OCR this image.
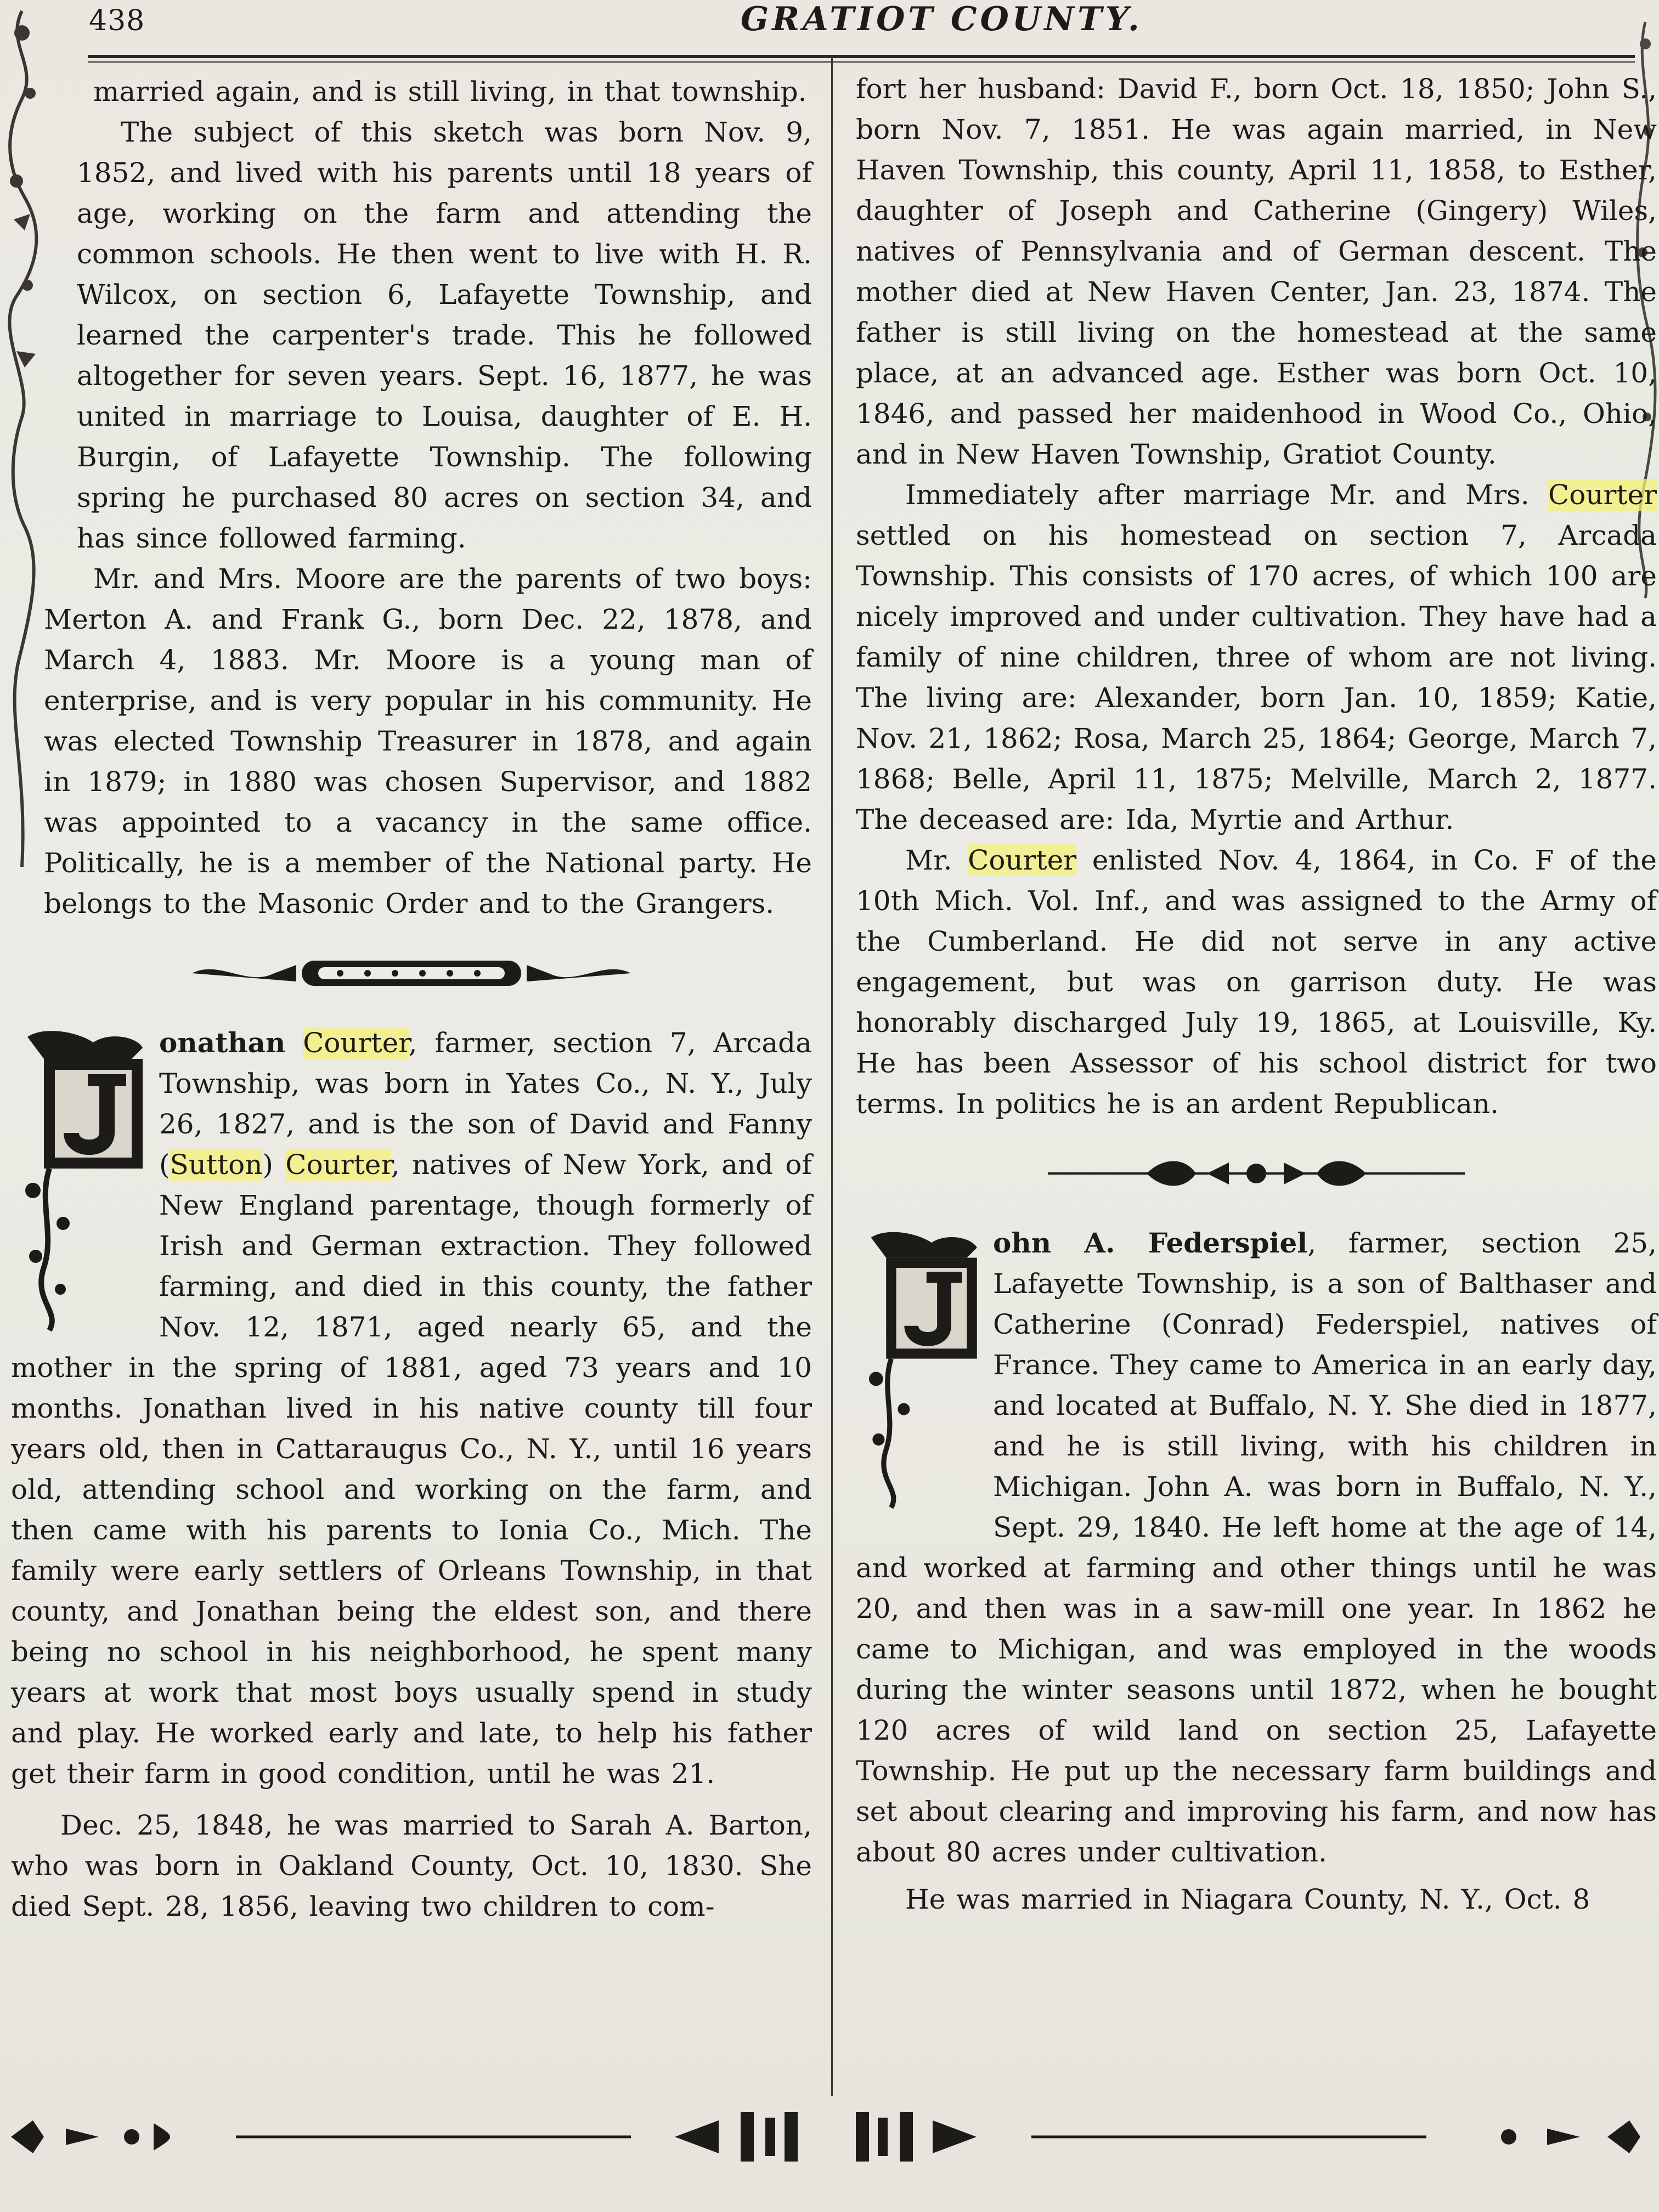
438	GRATIOT COUNTY.

married again, and is still living, in that township.

The subject of this sketch was born Nov. 9, 1852, and lived with his parents until 18 years of age, working on the farm and attending the common schools. He then went to live with H. R. Wilcox, on section 6, Lafayette Township, and learned the carpenter's trade. This he followed altogether for seven years. Sept. 16, 1877, he was united in marriage to Louisa, daughter of E. H. Burgin, of Lafayette Township. The following spring he purchased 80 acres on section 34, and has since followed farming.

Mr. and Mrs. Moore are the parents of two boys: Merton A. and Frank G., born Dec. 22, 1878, and March 4, 1883. Mr. Moore is a young man of enterprise, and is very popular in his community. He was elected Township Treasurer in 1878, and again in 1879; in 1880 was chosen Supervisor, and 1882 was appointed to a vacancy in the same office. Politically, he is a member of the National party. He belongs to the Masonic Order and to the Grangers.

onathan Courter, farmer, section 7, Arcada Township, was born in Yates Co., N. Y., July 26, 1827, and is the son of David and Fanny (Sutton) Courter, natives of New York, and of New England parentage, though formerly of Irish and German extraction. They followed farming, and died in this county, the father Nov. 12, 1871, aged nearly 65, and the mother in the spring of 1881, aged 73 years and 10 months. Jonathan lived in his native county till four years old, then in Cattaraugus Co., N. Y., until 16 years old, attending school and working on the farm, and then came with his parents to Ionia Co., Mich. The family were early settlers of Orleans Township, in that county, and Jonathan being the eldest son, and there being no school in his neighborhood, he spent many years at work that most boys usually spend in study and play. He worked early and late, to help his father get their farm in good condition, until he was 21.

Dec. 25, 1848, he was married to Sarah A. Barton, who was born in Oakland County, Oct. 10, 1830. She died Sept. 28, 1856, leaving two children to com-

fort her husband: David F., born Oct. 18, 1850; John S., born Nov. 7, 1851. He was again married, in New Haven Township, this county, April 11, 1858, to Esther, daughter of Joseph and Catherine (Gingery) Wiles, natives of Pennsylvania and of German descent. The mother died at New Haven Center, Jan. 23, 1874. The father is still living on the homestead at the same place, at an advanced age. Esther was born Oct. 10, 1846, and passed her maidenhood in Wood Co., Ohio, and in New Haven Township, Gratiot County.

Immediately after marriage Mr. and Mrs. Courter settled on his homestead on section 7, Arcada Township. This consists of 170 acres, of which 100 are nicely improved and under cultivation. They have had a family of nine children, three of whom are not living. The living are: Alexander, born Jan. 10, 1859; Katie, Nov. 21, 1862; Rosa, March 25, 1864; George, March 7, 1868; Belle, April 11, 1875; Melville, March 2, 1877. The deceased are: Ida, Myrtie and Arthur.

Mr. Courter enlisted Nov. 4, 1864, in Co. F of the 10th Mich. Vol. Inf., and was assigned to the Army of the Cumberland. He did not serve in any active engagement, but was on garrison duty. He was honorably discharged July 19, 1865, at Louisville, Ky. He has been Assessor of his school district for two terms. In politics he is an ardent Republican.

ohn A. Federspiel, farmer, section 25, Lafayette Township, is a son of Balthaser and Catherine (Conrad) Federspiel, natives of France. They came to America in an early day, and located at Buffalo, N. Y. She died in 1877, and he is still living, with his children in Michigan. John A. was born in Buffalo, N. Y., Sept. 29, 1840. He left home at the age of 14, and worked at farming and other things until he was 20, and then was in a saw-mill one year. In 1862 he came to Michigan, and was employed in the woods during the winter seasons until 1872, when he bought 120 acres of wild land on section 25, Lafayette Township. He put up the necessary farm buildings and set about clearing and improving his farm, and now has about 80 acres under cultivation.

He was married in Niagara County, N. Y., Oct. 8
